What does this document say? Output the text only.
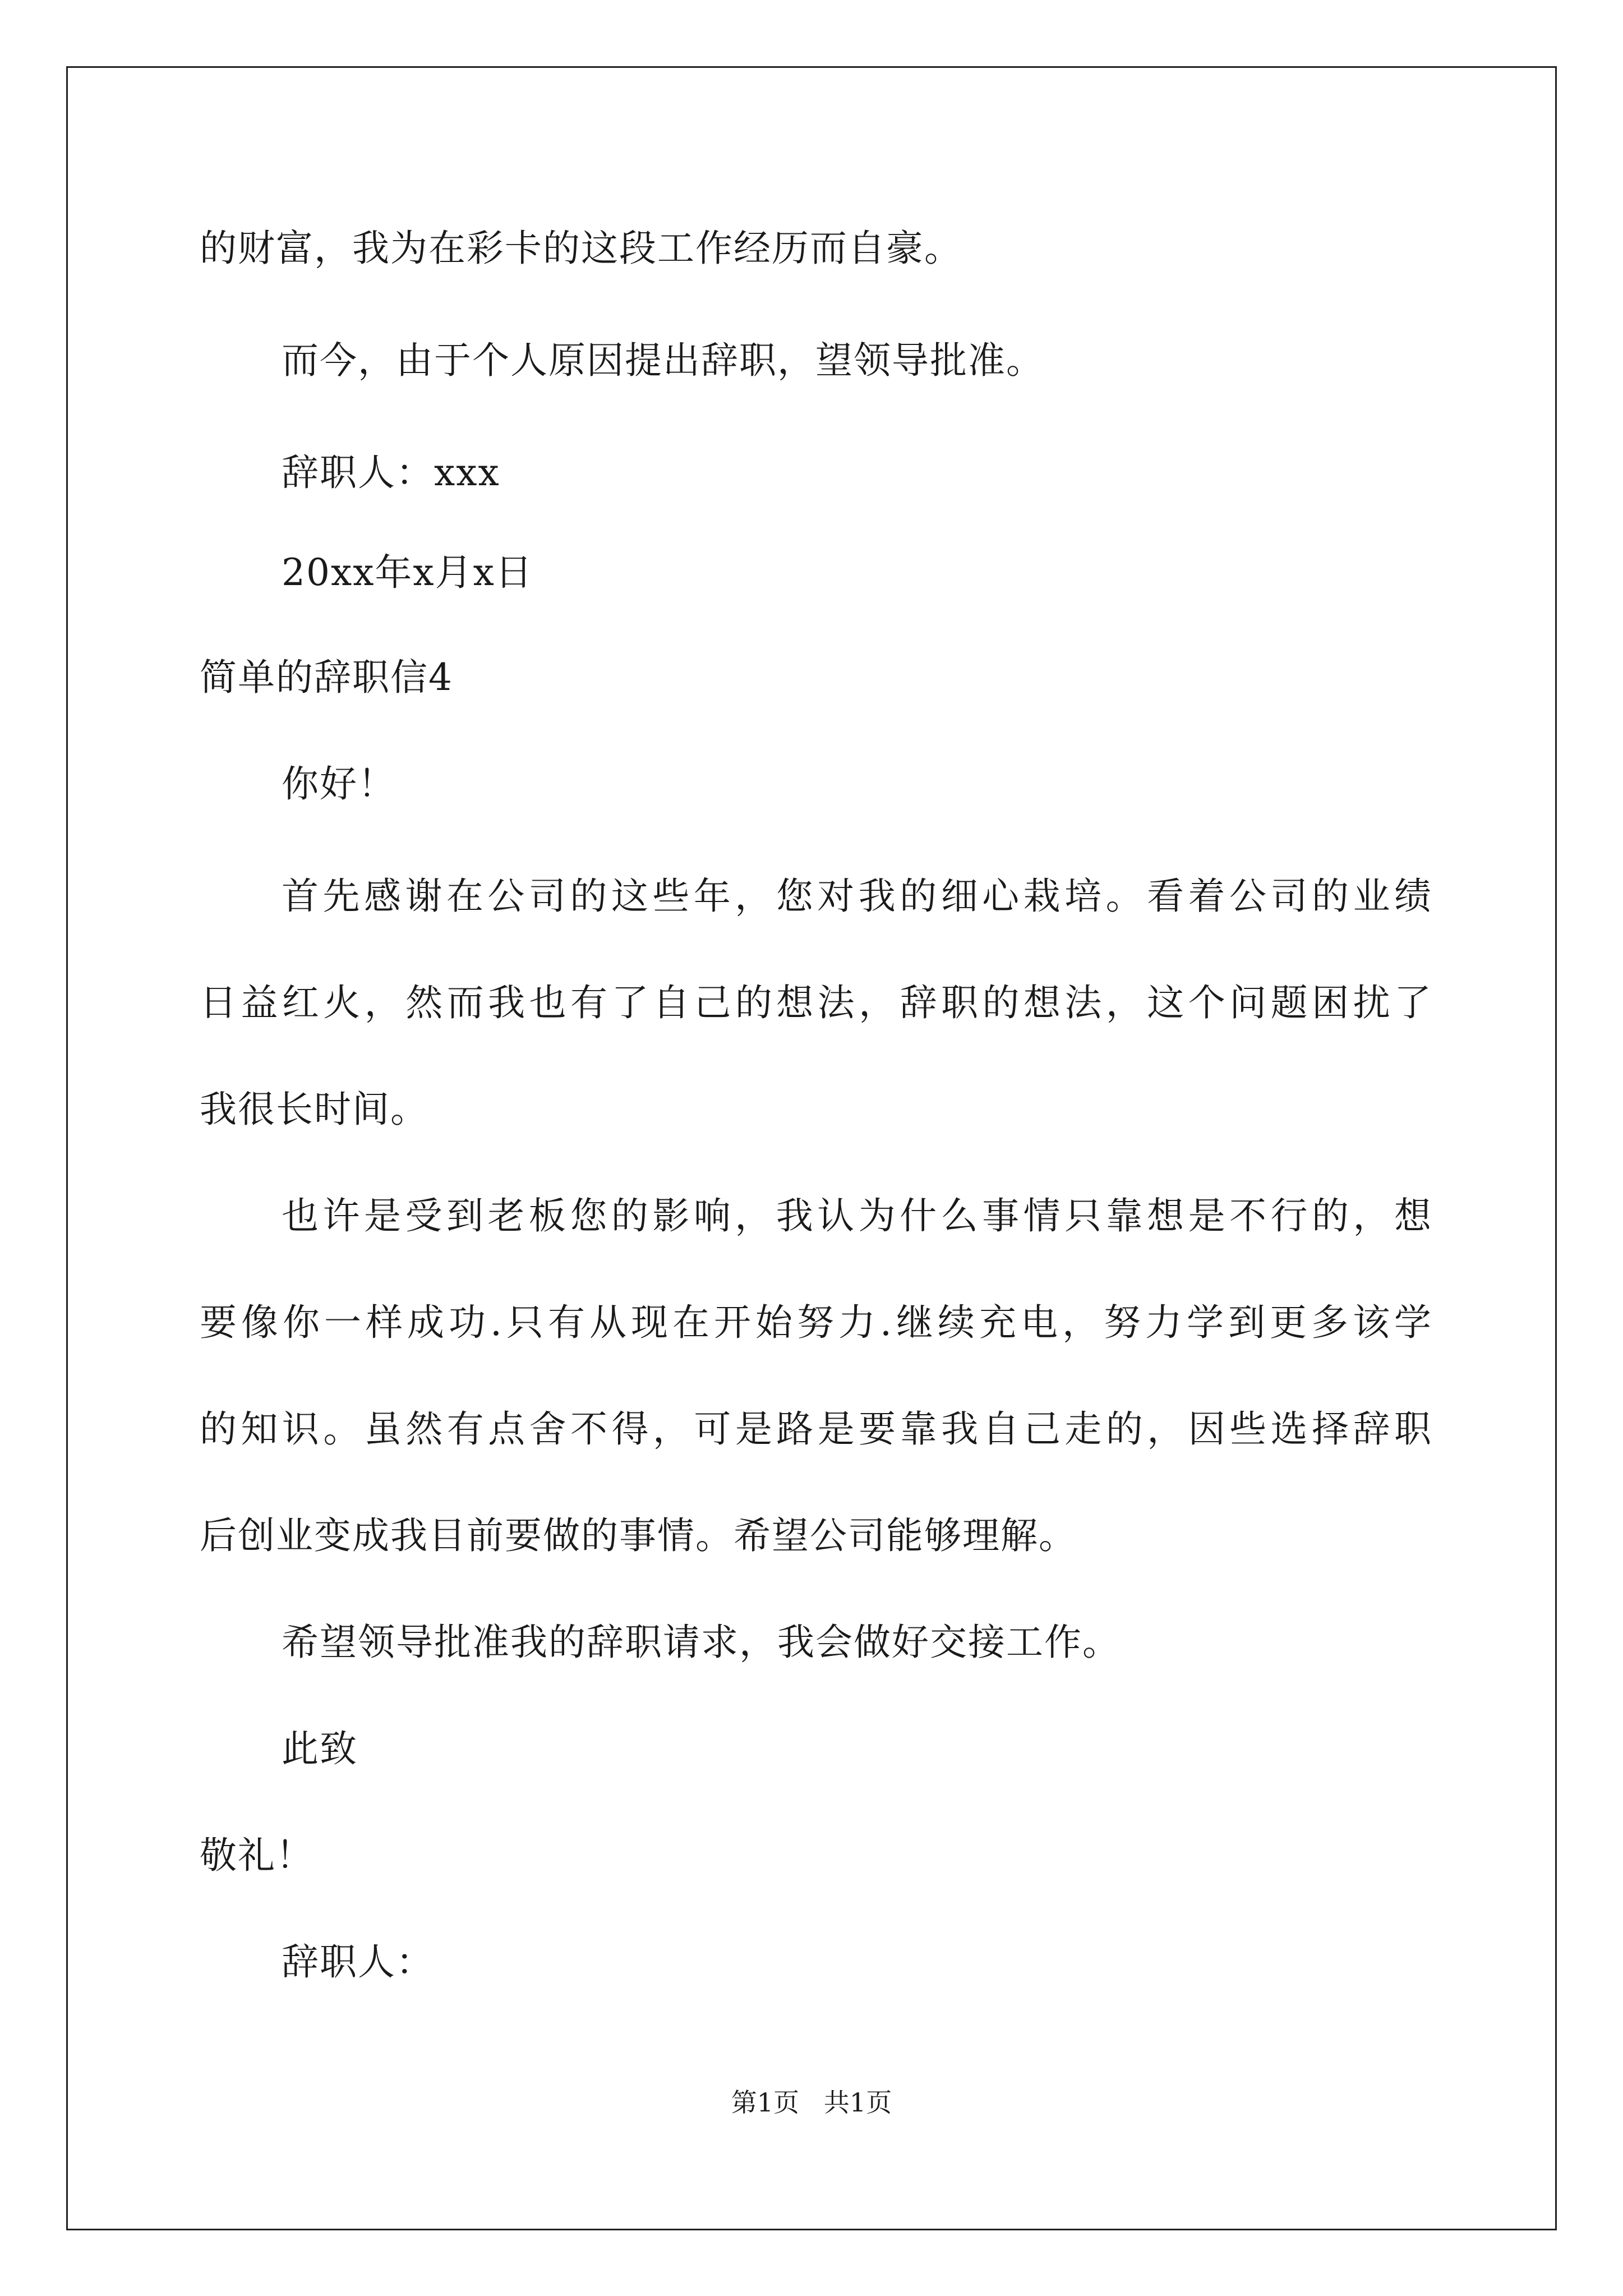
的财富，我为在彩卡的这段工作经历而自豪。
而今，由于个人原因提出辞职，望领导批准。
辞职人：xxx
20xx年x月x日
简单的辞职信4
你好！
首先感谢在公司的这些年，您对我的细心栽培。看着公司的业绩
日益红火，然而我也有了自己的想法，辞职的想法，这个问题困扰了
我很长时间。
也许是受到老板您的影响，我认为什么事情只靠想是不行的，想
要像你一样成功.只有从现在开始努力.继续充电，努力学到更多该学
的知识。虽然有点舍不得，可是路是要靠我自己走的，因些选择辞职
后创业变成我目前要做的事情。希望公司能够理解。
希望领导批准我的辞职请求，我会做好交接工作。
此致
敬礼！
辞职人：
第1页   共1页
